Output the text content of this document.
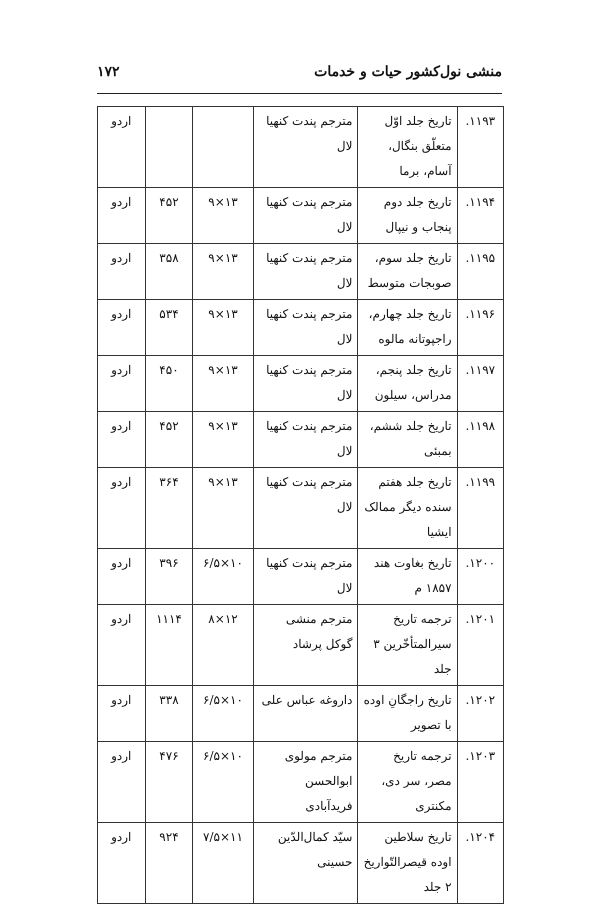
منشی نول‌کشور حیات و خدمات
۱۷۲
۱۱۹۳.	تاریخ جلد اوّل متعلّق بنگال، آسام، برما	مترجم پندت کنهیا لال			اردو
۱۱۹۴.	تاریخ جلد دوم پنجاب و نیپال	مترجم پندت کنهیا لال	۱۳×۹	۴۵۲	اردو
۱۱۹۵.	تاریخ جلد سوم، صوبجات متوسط	مترجم پندت کنهیا لال	۱۳×۹	۳۵۸	اردو
۱۱۹۶.	تاریخ جلد چهارم، راجپوتانه مالوه	مترجم پندت کنهیا لال	۱۳×۹	۵۳۴	اردو
۱۱۹۷.	تاریخ جلد پنجم، مدراس، سیلون	مترجم پندت کنهیا لال	۱۳×۹	۴۵۰	اردو
۱۱۹۸.	تاریخ جلد ششم، بمبئی	مترجم پندت کنهیا لال	۱۳×۹	۴۵۲	اردو
۱۱۹۹.	تاریخ جلد هفتم سنده دیگر ممالک ایشیا	مترجم پندت کنهیا لال	۱۳×۹	۳۶۴	اردو
۱۲۰۰.	تاریخ بغاوت هند ۱۸۵۷ م	مترجم پندت کنهیا لال	۱۰×۶/۵	۳۹۶	اردو
۱۲۰۱.	ترجمه تاریخ سیرالمتأخّرین ۳ جلد	مترجم منشی گوکل پرشاد	۱۲×۸	۱۱۱۴	اردو
۱۲۰۲.	تاریخ راجگانِ اوده با تصویر	داروغه عباس علی	۱۰×۶/۵	۳۳۸	اردو
۱۲۰۳.	ترجمه تاریخ مصر، سر دی، مکنتری	مترجم مولوی ابوالحسن فریدآبادی	۱۰×۶/۵	۴۷۶	اردو
۱۲۰۴.	تاریخ سلاطین اوده قیصرالتّواریخ ۲ جلد	سیّد کمال‌الدّین حسینی	۱۱×۷/۵	۹۲۴	اردو
